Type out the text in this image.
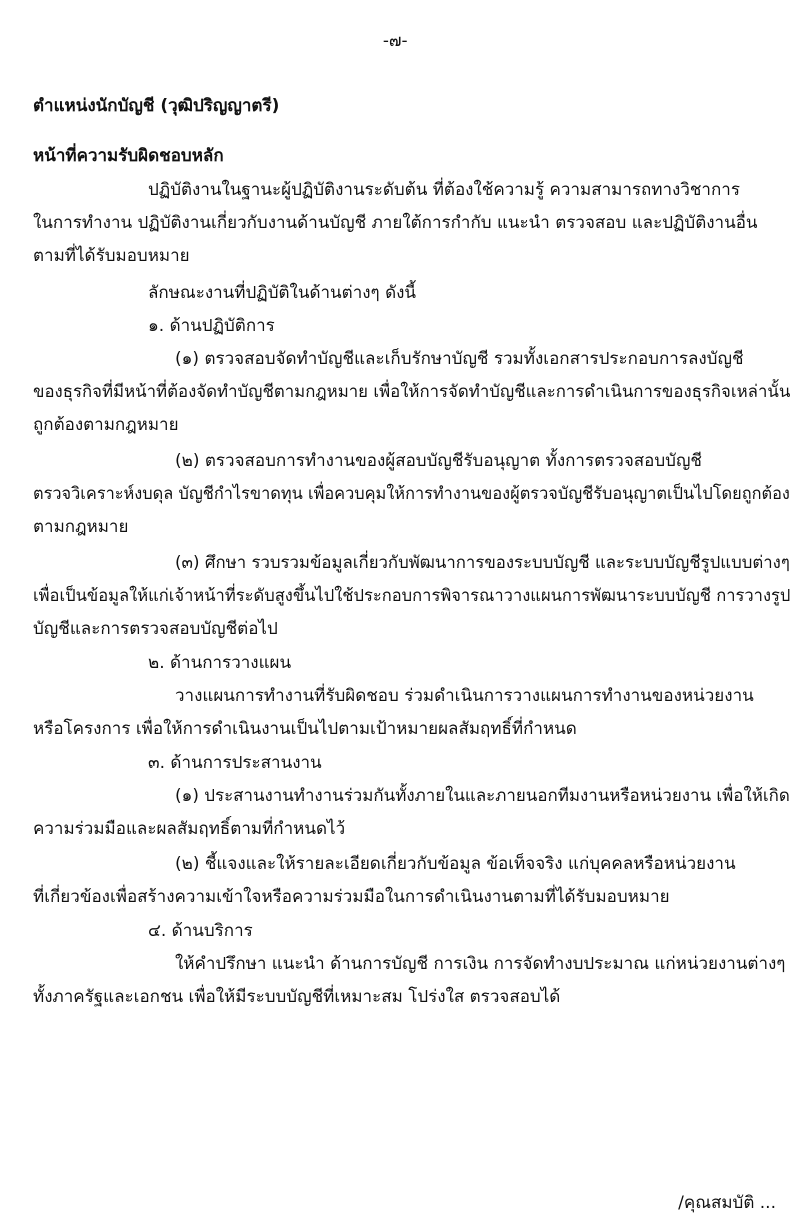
-๗-
ตำแหน่งนักบัญชี (วุฒิปริญญาตรี)
หน้าที่ความรับผิดชอบหลัก
ปฏิบัติงานในฐานะผู้ปฏิบัติงานระดับต้น ที่ต้องใช้ความรู้ ความสามารถทางวิชาการ
ในการทำงาน ปฏิบัติงานเกี่ยวกับงานด้านบัญชี ภายใต้การกำกับ แนะนำ ตรวจสอบ และปฏิบัติงานอื่น
ตามที่ได้รับมอบหมาย
ลักษณะงานที่ปฏิบัติในด้านต่างๆ ดังนี้
๑. ด้านปฏิบัติการ
(๑) ตรวจสอบจัดทำบัญชีและเก็บรักษาบัญชี รวมทั้งเอกสารประกอบการลงบัญชี
ของธุรกิจที่มีหน้าที่ต้องจัดทำบัญชีตามกฎหมาย เพื่อให้การจัดทำบัญชีและการดำเนินการของธุรกิจเหล่านั้น
ถูกต้องตามกฎหมาย
(๒) ตรวจสอบการทำงานของผู้สอบบัญชีรับอนุญาต ทั้งการตรวจสอบบัญชี
ตรวจวิเคราะห์งบดุล บัญชีกำไรขาดทุน เพื่อควบคุมให้การทำงานของผู้ตรวจบัญชีรับอนุญาตเป็นไปโดยถูกต้อง
ตามกฎหมาย
(๓) ศึกษา รวบรวมข้อมูลเกี่ยวกับพัฒนาการของระบบบัญชี และระบบบัญชีรูปแบบต่างๆ
เพื่อเป็นข้อมูลให้แก่เจ้าหน้าที่ระดับสูงขึ้นไปใช้ประกอบการพิจารณาวางแผนการพัฒนาระบบบัญชี การวางรูป
บัญชีและการตรวจสอบบัญชีต่อไป
๒. ด้านการวางแผน
วางแผนการทำงานที่รับผิดชอบ ร่วมดำเนินการวางแผนการทำงานของหน่วยงาน
หรือโครงการ เพื่อให้การดำเนินงานเป็นไปตามเป้าหมายผลสัมฤทธิ์ที่กำหนด
๓. ด้านการประสานงาน
(๑) ประสานงานทำงานร่วมกันทั้งภายในและภายนอกทีมงานหรือหน่วยงาน เพื่อให้เกิด
ความร่วมมือและผลสัมฤทธิ์ตามที่กำหนดไว้
(๒) ชี้แจงและให้รายละเอียดเกี่ยวกับข้อมูล ข้อเท็จจริง แก่บุคคลหรือหน่วยงาน
ที่เกี่ยวข้องเพื่อสร้างความเข้าใจหรือความร่วมมือในการดำเนินงานตามที่ได้รับมอบหมาย
๔. ด้านบริการ
ให้คำปรึกษา แนะนำ ด้านการบัญชี การเงิน การจัดทำงบประมาณ แก่หน่วยงานต่างๆ
ทั้งภาครัฐและเอกชน เพื่อให้มีระบบบัญชีที่เหมาะสม โปร่งใส ตรวจสอบได้
/คุณสมบัติ ...
